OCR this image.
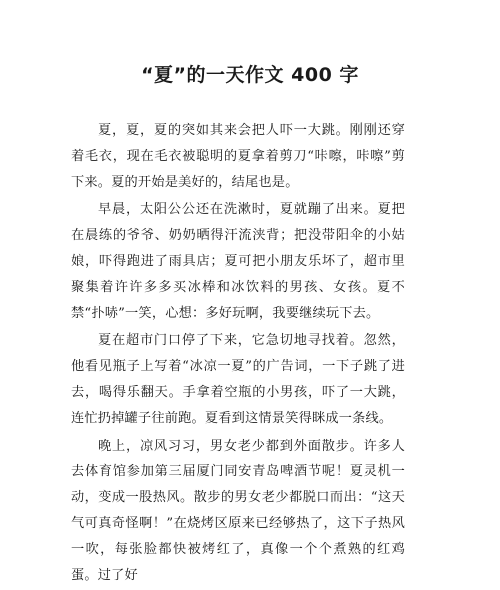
“夏”的一天作文 400 字

夏，夏，夏的突如其来会把人吓一大跳。刚刚还穿着毛衣，现在毛衣被聪明的夏拿着剪刀“咔嚓，咔嚓”剪下来。夏的开始是美好的，结尾也是。

早晨，太阳公公还在洗漱时，夏就蹦了出来。夏把在晨练的爷爷、奶奶晒得汗流浃背；把没带阳伞的小姑娘，吓得跑进了雨具店；夏可把小朋友乐坏了，超市里聚集着许许多多买冰棒和冰饮料的男孩、女孩。夏不禁“扑哧”一笑，心想：多好玩啊，我要继续玩下去。

夏在超市门口停了下来，它急切地寻找着。忽然，他看见瓶子上写着“冰凉一夏”的广告词，一下子跳了进去，喝得乐翻天。手拿着空瓶的小男孩，吓了一大跳，连忙扔掉罐子往前跑。夏看到这情景笑得眯成一条线。

晚上，凉风习习，男女老少都到外面散步。许多人去体育馆参加第三届厦门同安青岛啤酒节呢！夏灵机一动，变成一股热风。散步的男女老少都脱口而出：“这天气可真奇怪啊！”在烧烤区原来已经够热了，这下子热风一吹，每张脸都快被烤红了，真像一个个煮熟的红鸡蛋。过了好
